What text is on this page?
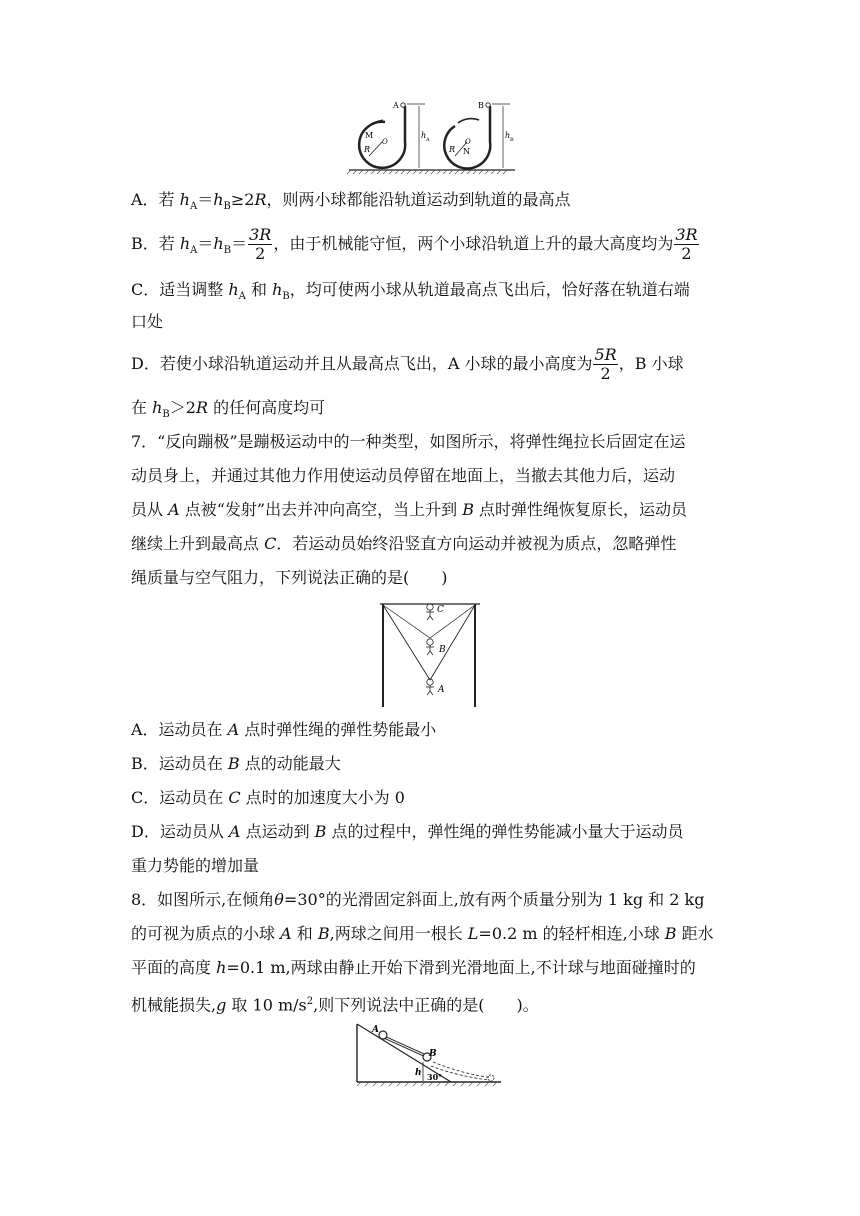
A
M
O
R
h A
B
O
R N
h B
A．若 $h_A=h_B\ge 2R$，则两小球都能沿轨道运动到轨道的最高点
B．若 $h_A=h_B= \frac{3R}{2}$ ，由于机械能守恒，两个小球沿轨道上升的最大高度均为 $\frac{3R}{2}$
C．适当调整 $h_A$ 和 $h_B$，均可使两小球从轨道最高点飞出后，恰好落在轨道右端
口处
D．若使小球沿轨道运动并且从最高点飞出，A 小球的最小高度为 $\frac{5R}{2}$ ，B 小球
在 $h_B>2R$ 的任何高度均可
7．“反向蹦极”是蹦极运动中的一种类型，如图所示，将弹性绳拉长后固定在运
动员身上，并通过其他力作用使运动员停留在地面上，当撤去其他力后，运动
员从 A 点被“发射”出去并冲向高空，当上升到 B 点时弹性绳恢复原长，运动员
继续上升到最高点 C．若运动员始终沿竖直方向运动并被视为质点，忽略弹性
绳质量与空气阻力，下列说法正确的是(　　)
C
B
A
A．运动员在 A 点时弹性绳的弹性势能最小
B．运动员在 B 点的动能最大
C．运动员在 C 点时的加速度大小为 0
D．运动员从 A 点运动到 B 点的过程中，弹性绳的弹性势能减小量大于运动员
重力势能的增加量
8．如图所示,在倾角θ=30°的光滑固定斜面上,放有两个质量分别为 1 kg 和 2 kg
的可视为质点的小球 A 和 B,两球之间用一根长 L=0.2 m 的轻杆相连,小球 B 距水
平面的高度 h=0.1 m,两球由静止开始下滑到光滑地面上,不计球与地面碰撞时的
机械能损失,g 取 10 $m/s^2$,则下列说法中正确的是(　　)。
A
B
h 30°
